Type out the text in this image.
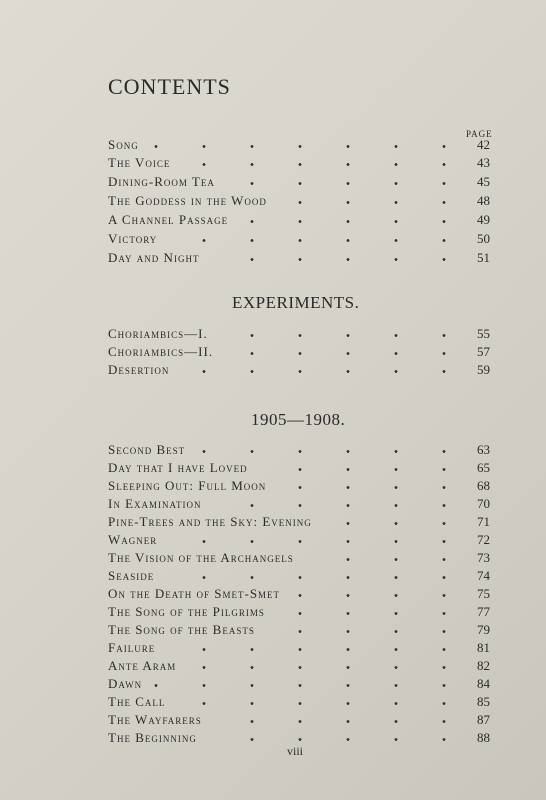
CONTENTS
PAGE
Song	42
The Voice	43
Dining-Room Tea	45
The Goddess in the Wood	48
A Channel Passage	49
Victory	50
Day and Night	51
EXPERIMENTS.
Choriambics—I.	55
Choriambics—II.	57
Desertion	59
1905—1908.
Second Best	63
Day that I have Loved	65
Sleeping Out: Full Moon	68
In Examination	70
Pine-Trees and the Sky: Evening	71
Wagner	72
The Vision of the Archangels	73
Seaside	74
On the Death of Smet-Smet	75
The Song of the Pilgrims	77
The Song of the Beasts	79
Failure	81
Ante Aram	82
Dawn	84
The Call	85
The Wayfarers	87
The Beginning	88
viii
